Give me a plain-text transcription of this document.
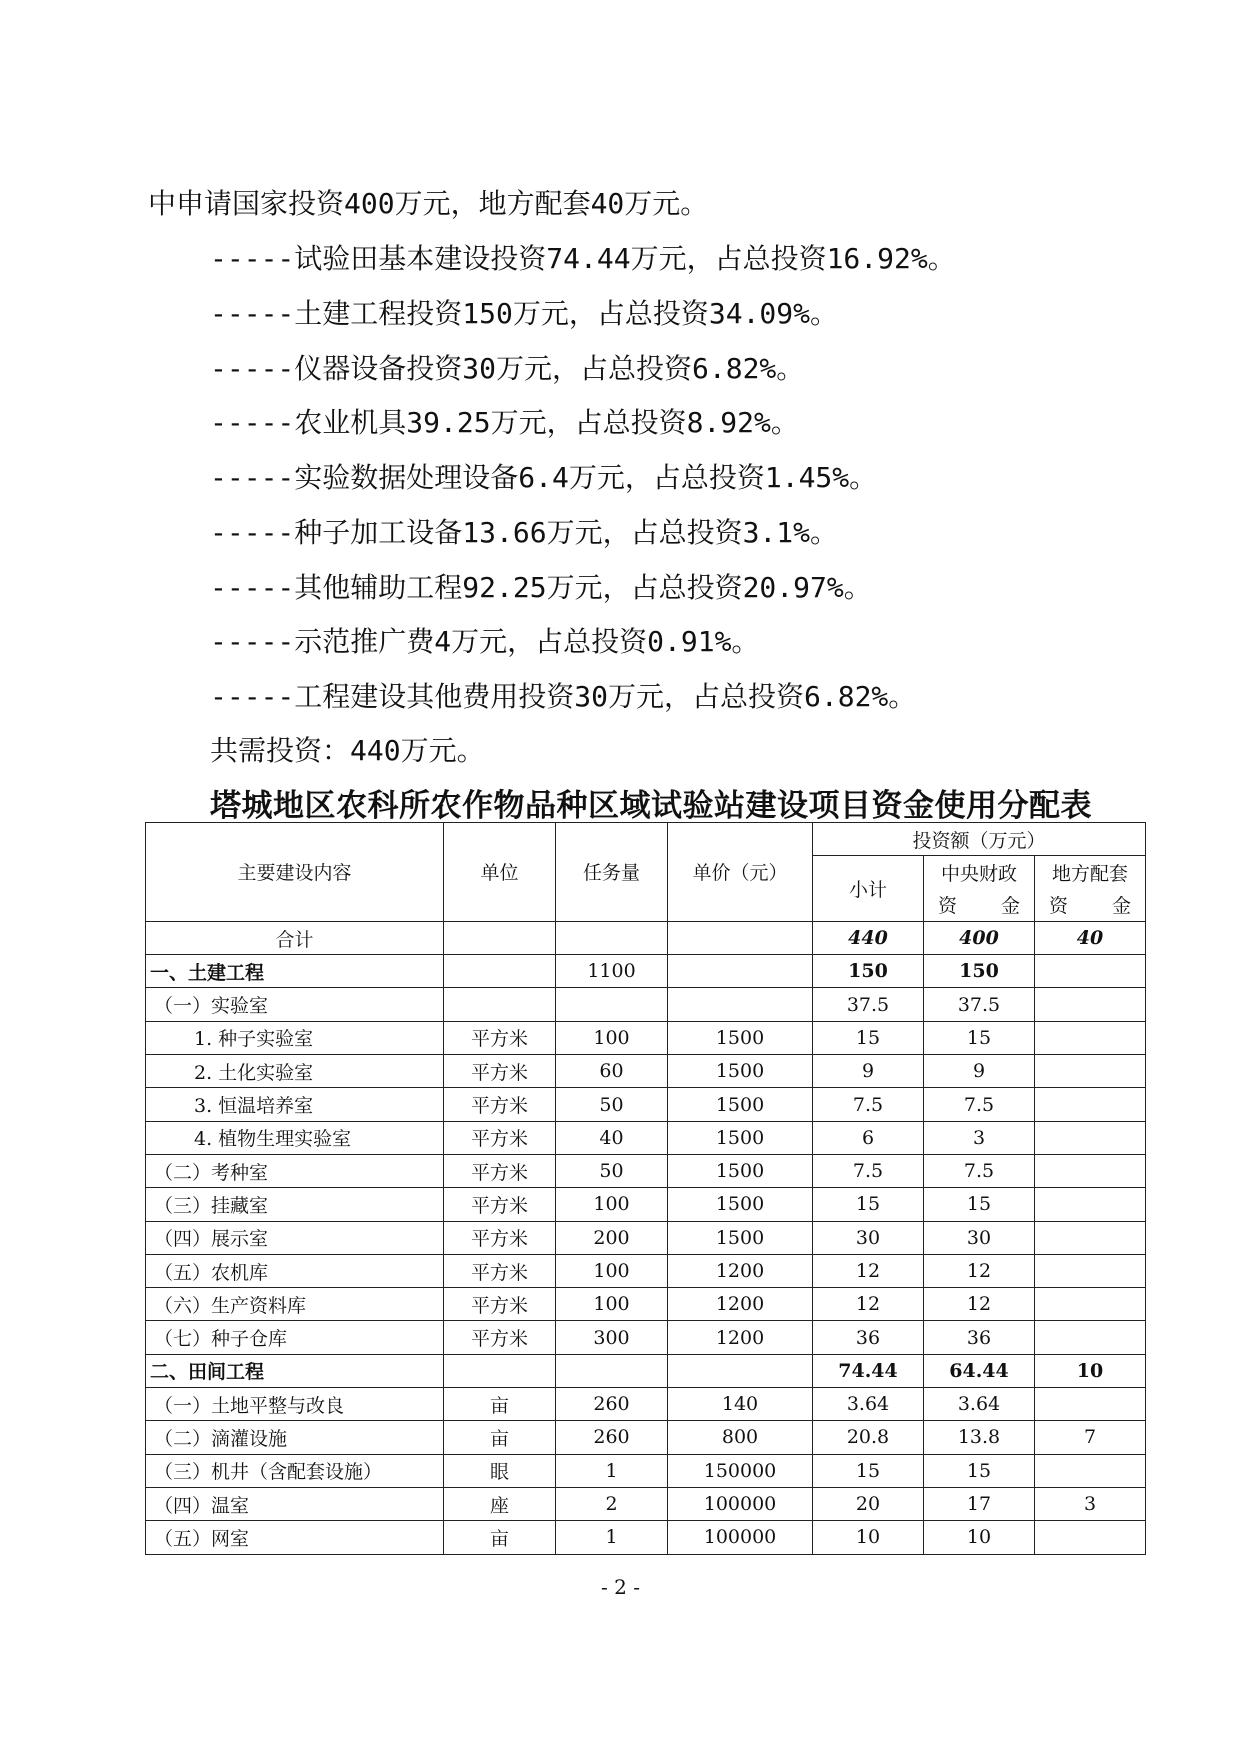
中申请国家投资400万元，地方配套40万元。
-----试验田基本建设投资74.44万元，占总投资16.92%。
-----土建工程投资150万元，占总投资34.09%。
-----仪器设备投资30万元，占总投资6.82%。
-----农业机具39.25万元，占总投资8.92%。
-----实验数据处理设备6.4万元，占总投资1.45%。
-----种子加工设备13.66万元，占总投资3.1%。
-----其他辅助工程92.25万元，占总投资20.97%。
-----示范推广费4万元，占总投资0.91%。
-----工程建设其他费用投资30万元，占总投资6.82%。
共需投资：440万元。
塔城地区农科所农作物品种区域试验站建设项目资金使用分配表
主要建设内容	单位	任务量	单价（元）	投资额（万元）		
				小计	中央财政	地方配套

					资 金	资 金

合计				440	400	40
一、土建工程		1100		150	150	
（一）实验室				37.5	37.5	
1. 种子实验室	平方米	100	1500	15	15	
2. 土化实验室	平方米	60	1500	9	9	
3. 恒温培养室	平方米	50	1500	7.5	7.5	
4. 植物生理实验室	平方米	40	1500	6	3	
（二）考种室	平方米	50	1500	7.5	7.5	
（三）挂藏室	平方米	100	1500	15	15	
（四）展示室	平方米	200	1500	30	30	
（五）农机库	平方米	100	1200	12	12	
（六）生产资料库	平方米	100	1200	12	12	
（七）种子仓库	平方米	300	1200	36	36	
二、田间工程				74.44	64.44	10
（一）土地平整与改良	亩	260	140	3.64	3.64	
（二）滴灌设施	亩	260	800	20.8	13.8	7
（三）机井（含配套设施）	眼	1	150000	15	15	
（四）温室	座	2	100000	20	17	3
（五）网室	亩	1	100000	10	10	
- 2 -
